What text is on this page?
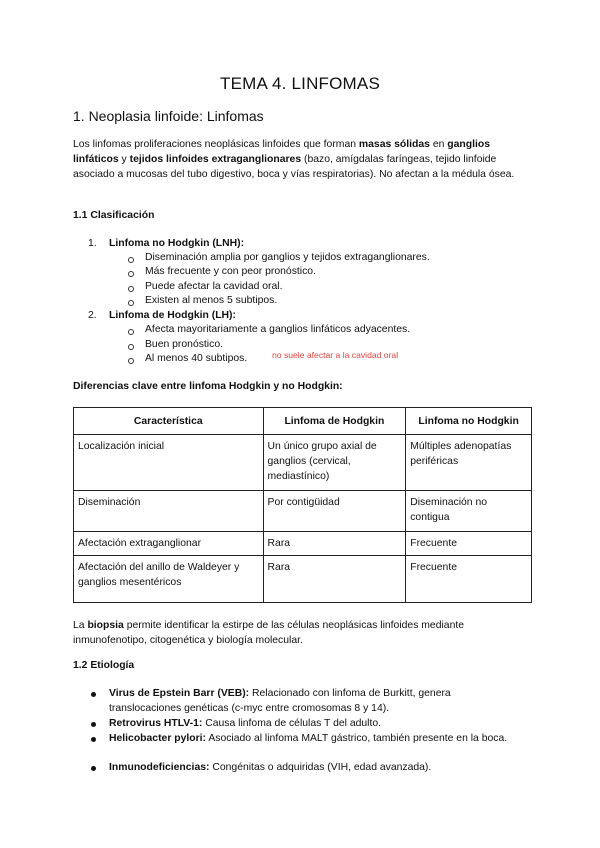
TEMA 4. LINFOMAS
1. Neoplasia linfoide: Linfomas
Los linfomas proliferaciones neoplásicas linfoides que forman masas sólidas en ganglios linfáticos y tejidos linfoides extraganglionares (bazo, amígdalas faríngeas, tejido linfoide asociado a mucosas del tubo digestivo, boca y vías respiratorias). No afectan a la médula ósea.
1.1 Clasificación
1. Linfoma no Hodgkin (LNH):
Diseminación amplia por ganglios y tejidos extraganglionares.
Más frecuente y con peor pronóstico.
Puede afectar la cavidad oral.
Existen al menos 5 subtipos.
2. Linfoma de Hodgkin (LH):
Afecta mayoritariamente a ganglios linfáticos adyacentes.
Buen pronóstico.
Al menos 40 subtipos.	no suele afectar a la cavidad oral
Diferencias clave entre linfoma Hodgkin y no Hodgkin:
Característica	Linfoma de Hodgkin	Linfoma no Hodgkin
Localización inicial	Un único grupo axial de ganglios (cervical, mediastínico)	Múltiples adenopatías periféricas
Diseminación	Por contigüidad	Diseminación no contigua
Afectación extraganglionar	Rara	Frecuente
Afectación del anillo de Waldeyer y ganglios mesentéricos	Rara	Frecuente
La biopsia permite identificar la estirpe de las células neoplásicas linfoides mediante inmunofenotipo, citogenética y biología molecular.
1.2 Etiología
Virus de Epstein Barr (VEB): Relacionado con linfoma de Burkitt, genera translocaciones genéticas (c-myc entre cromosomas 8 y 14).
Retrovirus HTLV-1: Causa linfoma de células T del adulto.
Helicobacter pylori: Asociado al linfoma MALT gástrico, también presente en la boca.
Inmunodeficiencias: Congénitas o adquiridas (VIH, edad avanzada).
